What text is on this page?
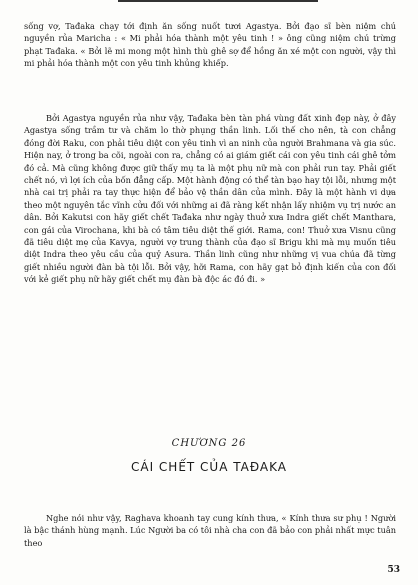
sống vợ, Tađaka chạy tới định ăn sống nuốt tươi Agastya. Bởi đạo sĩ bèn niệm chú nguyền rủa Maricha : « Mi phải hóa thành một yêu tinh ! » ông cũng niệm chú trừng phạt Tađaka. « Bởi lẽ mi mong một hình thù ghê sợ để hồng ăn xé một con người, vậy thì mi phải hóa thành một con yêu tinh khủng khiếp.

Bởi Agastya nguyền rủa như vậy, Tađaka bèn tàn phá vùng đất xinh đẹp này, ở đây Agastya sống trầm tư và chăm lo thờ phụng thần linh. Lối thế cho nên, tà con chẳng đóng đời Raku, con phải tiêu diệt con yêu tinh vì an ninh của người Brahmana và gia súc. Hiện nay, ở trong ba cõi, ngoài con ra, chẳng có ai giám giết cái con yêu tinh cái ghê tởm đó cả. Mà cũng không được giữ thấy mụ ta là một phụ nữ mà con phải run tay. Phải giết chết nó, vì lợi ích của bốn đẳng cấp. Một hành động có thể tàn bạo hay tội lỗi, nhưng một nhà cai trị phải ra tay thực hiện để bảo vệ thần dân của mình. Đây là một hành vi dựa theo một nguyên tắc vĩnh cửu đối với những ai đã ràng kết nhận lấy nhiệm vụ trị nước an dân. Bởi Kakutsi con hãy giết chết Tađaka như ngày thuở xưa Indra giết chết Manthara, con gái của Virochana, khi bà có tâm tiêu diệt thế giới. Rama, con! Thuở xưa Visnu cũng đã tiêu diệt mẹ của Kavya, người vợ trung thành của đạo sĩ Brigu khi mà mụ muốn tiêu diệt Indra theo yêu cầu của quỷ Asura. Thần linh cũng như những vị vua chúa đã từng giết nhiều người đàn bà tội lỗi. Bởi vậy, hỡi Rama, con hãy gạt bỏ định kiến của con đối với kẻ giết phụ nữ hãy giết chết mụ đàn bà độc ác đó đi. »

CHƯƠNG 26

CÁI CHẾT CỦA TAĐAKA

Nghe nói như vậy, Raghava khoanh tay cung kính thưa, « Kính thưa sư phụ ! Người là bậc thánh hùng mạnh. Lúc Người ba có tôi nhà cha con đã bảo con phải nhất mực tuân theo

53
